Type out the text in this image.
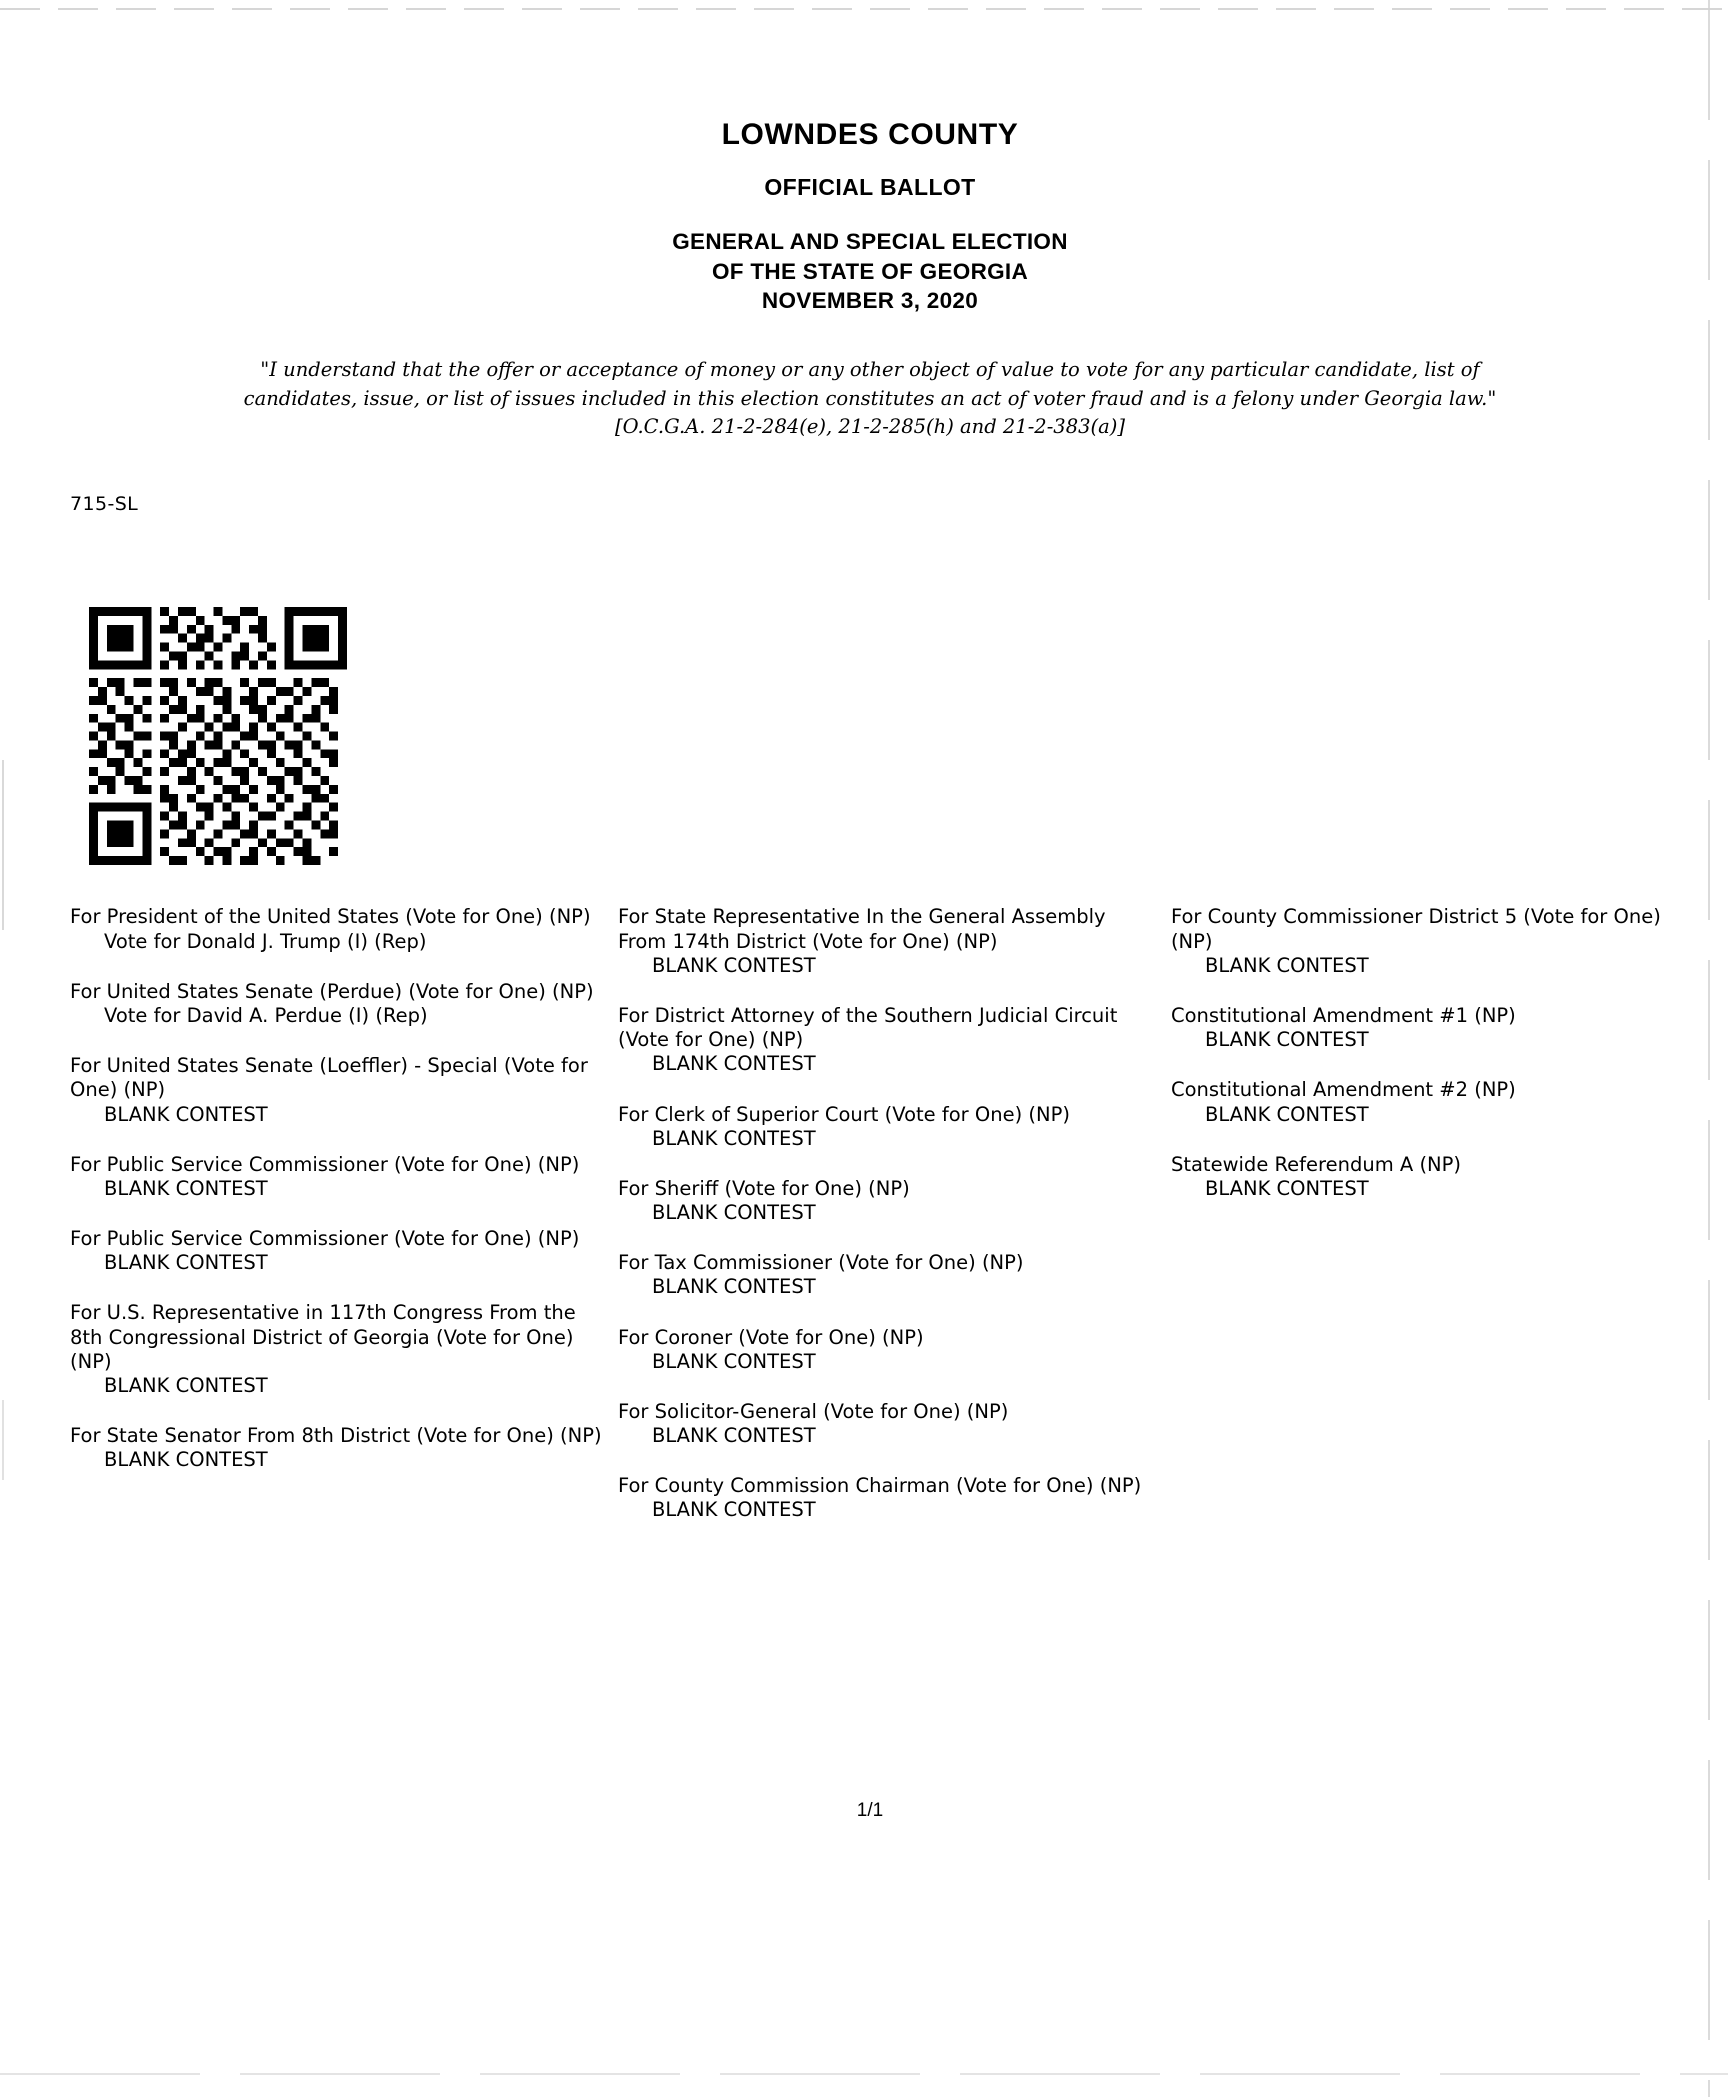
LOWNDES COUNTY
OFFICIAL BALLOT
GENERAL AND SPECIAL ELECTION
OF THE STATE OF GEORGIA
NOVEMBER 3, 2020
"I understand that the offer or acceptance of money or any other object of value to vote for any particular candidate, list of candidates, issue, or list of issues included in this election constitutes an act of voter fraud and is a felony under Georgia law." [O.C.G.A. 21-2-284(e), 21-2-285(h) and 21-2-383(a)]
715-SL
For President of the United States (Vote for One) (NP)
Vote for Donald J. Trump (I) (Rep)
For United States Senate (Perdue) (Vote for One) (NP)
Vote for David A. Perdue (I) (Rep)
For United States Senate (Loeffler) - Special (Vote for One) (NP)
BLANK CONTEST
For Public Service Commissioner (Vote for One) (NP)
BLANK CONTEST
For Public Service Commissioner (Vote for One) (NP)
BLANK CONTEST
For U.S. Representative in 117th Congress From the 8th Congressional District of Georgia (Vote for One) (NP)
BLANK CONTEST
For State Senator From 8th District (Vote for One) (NP)
BLANK CONTEST
For State Representative In the General Assembly From 174th District (Vote for One) (NP)
BLANK CONTEST
For District Attorney of the Southern Judicial Circuit (Vote for One) (NP)
BLANK CONTEST
For Clerk of Superior Court (Vote for One) (NP)
BLANK CONTEST
For Sheriff (Vote for One) (NP)
BLANK CONTEST
For Tax Commissioner (Vote for One) (NP)
BLANK CONTEST
For Coroner (Vote for One) (NP)
BLANK CONTEST
For Solicitor-General (Vote for One) (NP)
BLANK CONTEST
For County Commission Chairman (Vote for One) (NP)
BLANK CONTEST
For County Commissioner District 5 (Vote for One) (NP)
BLANK CONTEST
Constitutional Amendment #1 (NP)
BLANK CONTEST
Constitutional Amendment #2 (NP)
BLANK CONTEST
Statewide Referendum A (NP)
BLANK CONTEST
1/1
